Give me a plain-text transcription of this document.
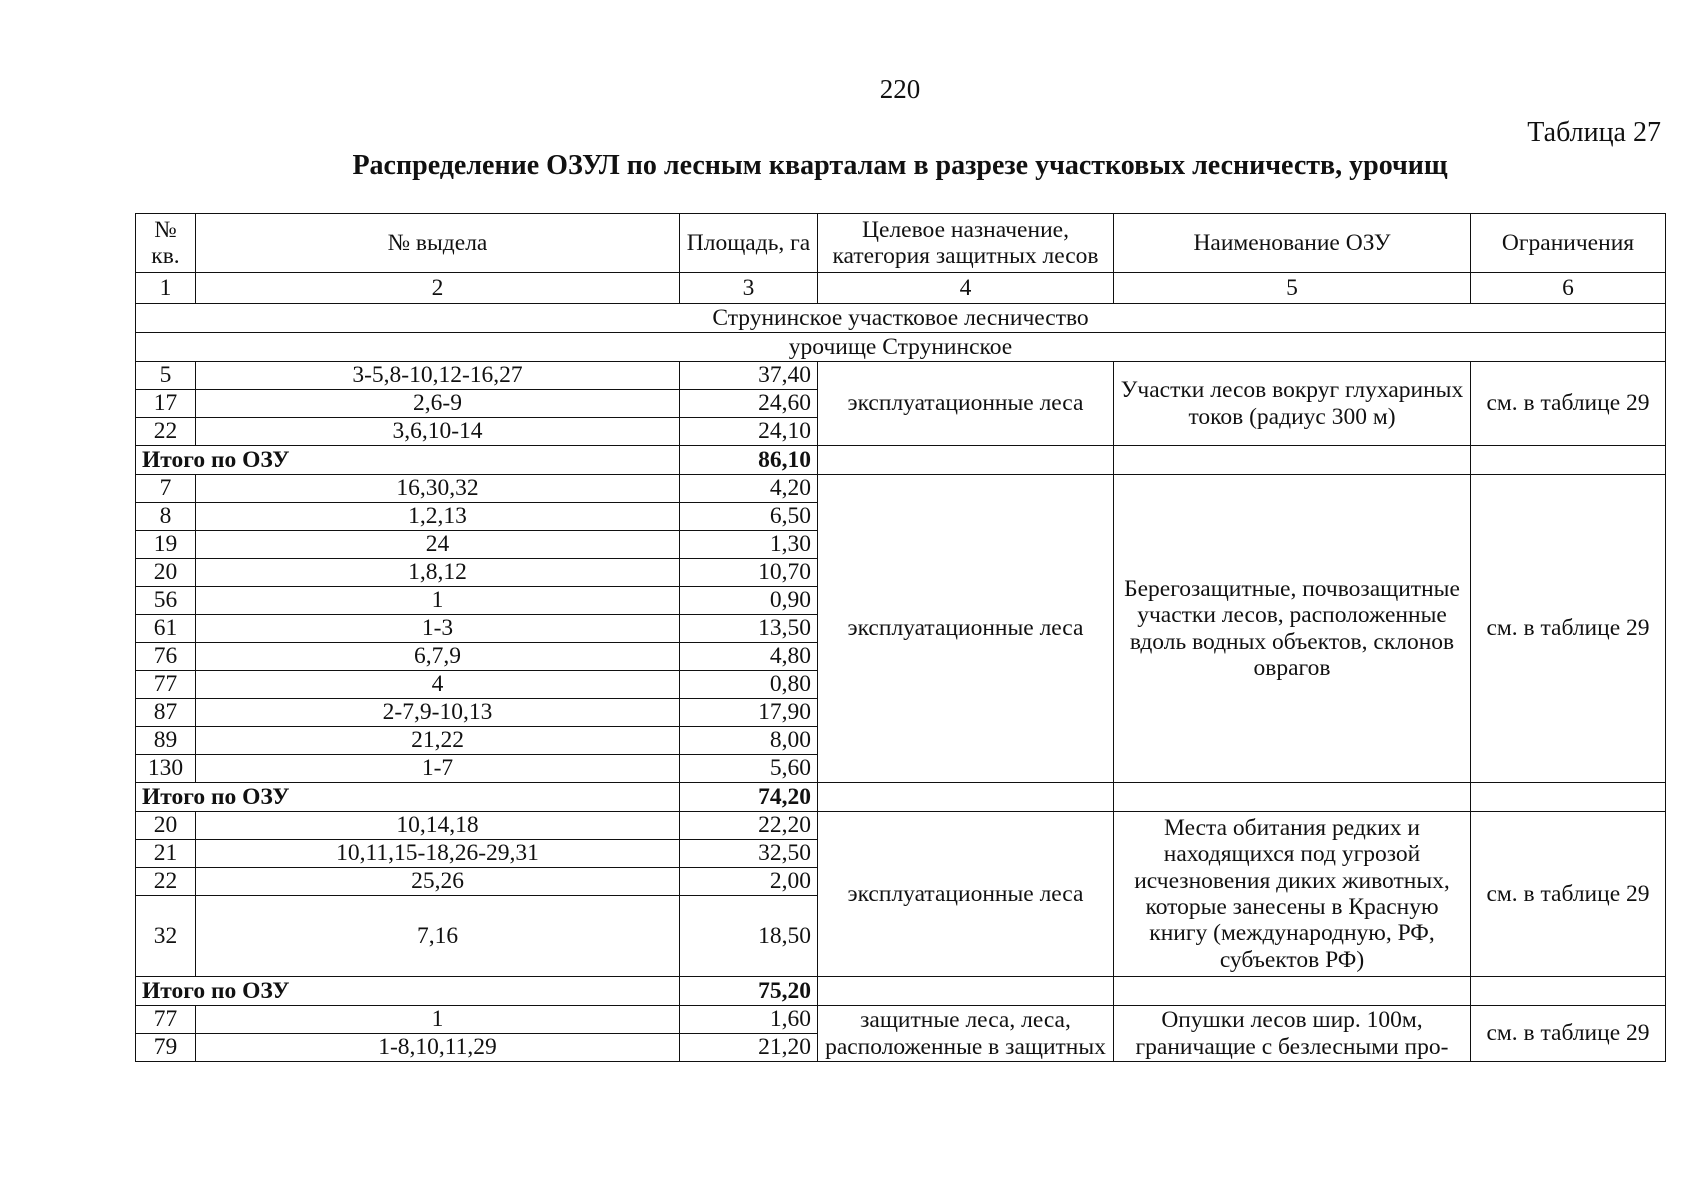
220
Таблица 27
Распределение ОЗУЛ по лесным кварталам в разрезе участковых лесничеств, урочищ
№ кв.	№ выдела	Площадь, га	Целевое назначение, категория защитных лесов	Наименование ОЗУ	Ограничения
1	2	3	4	5	6
Струнинское участковое лесничество					
урочище Струнинское					
5	3-5,8-10,12-16,27	37,40	эксплуатационные леса	Участки лесов вокруг глухариных токов (радиус 300 м)	см. в таблице 29
17	2,6-9	24,60			
22	3,6,10-14	24,10			
Итого по ОЗУ		86,10			
7	16,30,32	4,20	эксплуатационные леса	Берегозащитные, почвозащитные участки лесов, расположенные вдоль водных объектов, склонов оврагов	см. в таблице 29
8	1,2,13	6,50			
19	24	1,30			
20	1,8,12	10,70			
56	1	0,90			
61	1-3	13,50			
76	6,7,9	4,80			
77	4	0,80			
87	2-7,9-10,13	17,90			
89	21,22	8,00			
130	1-7	5,60			
Итого по ОЗУ		74,20			
20	10,14,18	22,20	эксплуатационные леса	Места обитания редких и находящихся под угрозой исчезновения диких животных, которые занесены в Красную книгу (международную, РФ, субъектов РФ)	см. в таблице 29
21	10,11,15-18,26-29,31	32,50			
22	25,26	2,00			
32	7,16	18,50			
Итого по ОЗУ		75,20			
77	1	1,60	защитные леса, леса, расположенные в защитных	Опушки лесов шир. 100м, граничащие с безлесными про-	см. в таблице 29
79	1-8,10,11,29	21,20			
